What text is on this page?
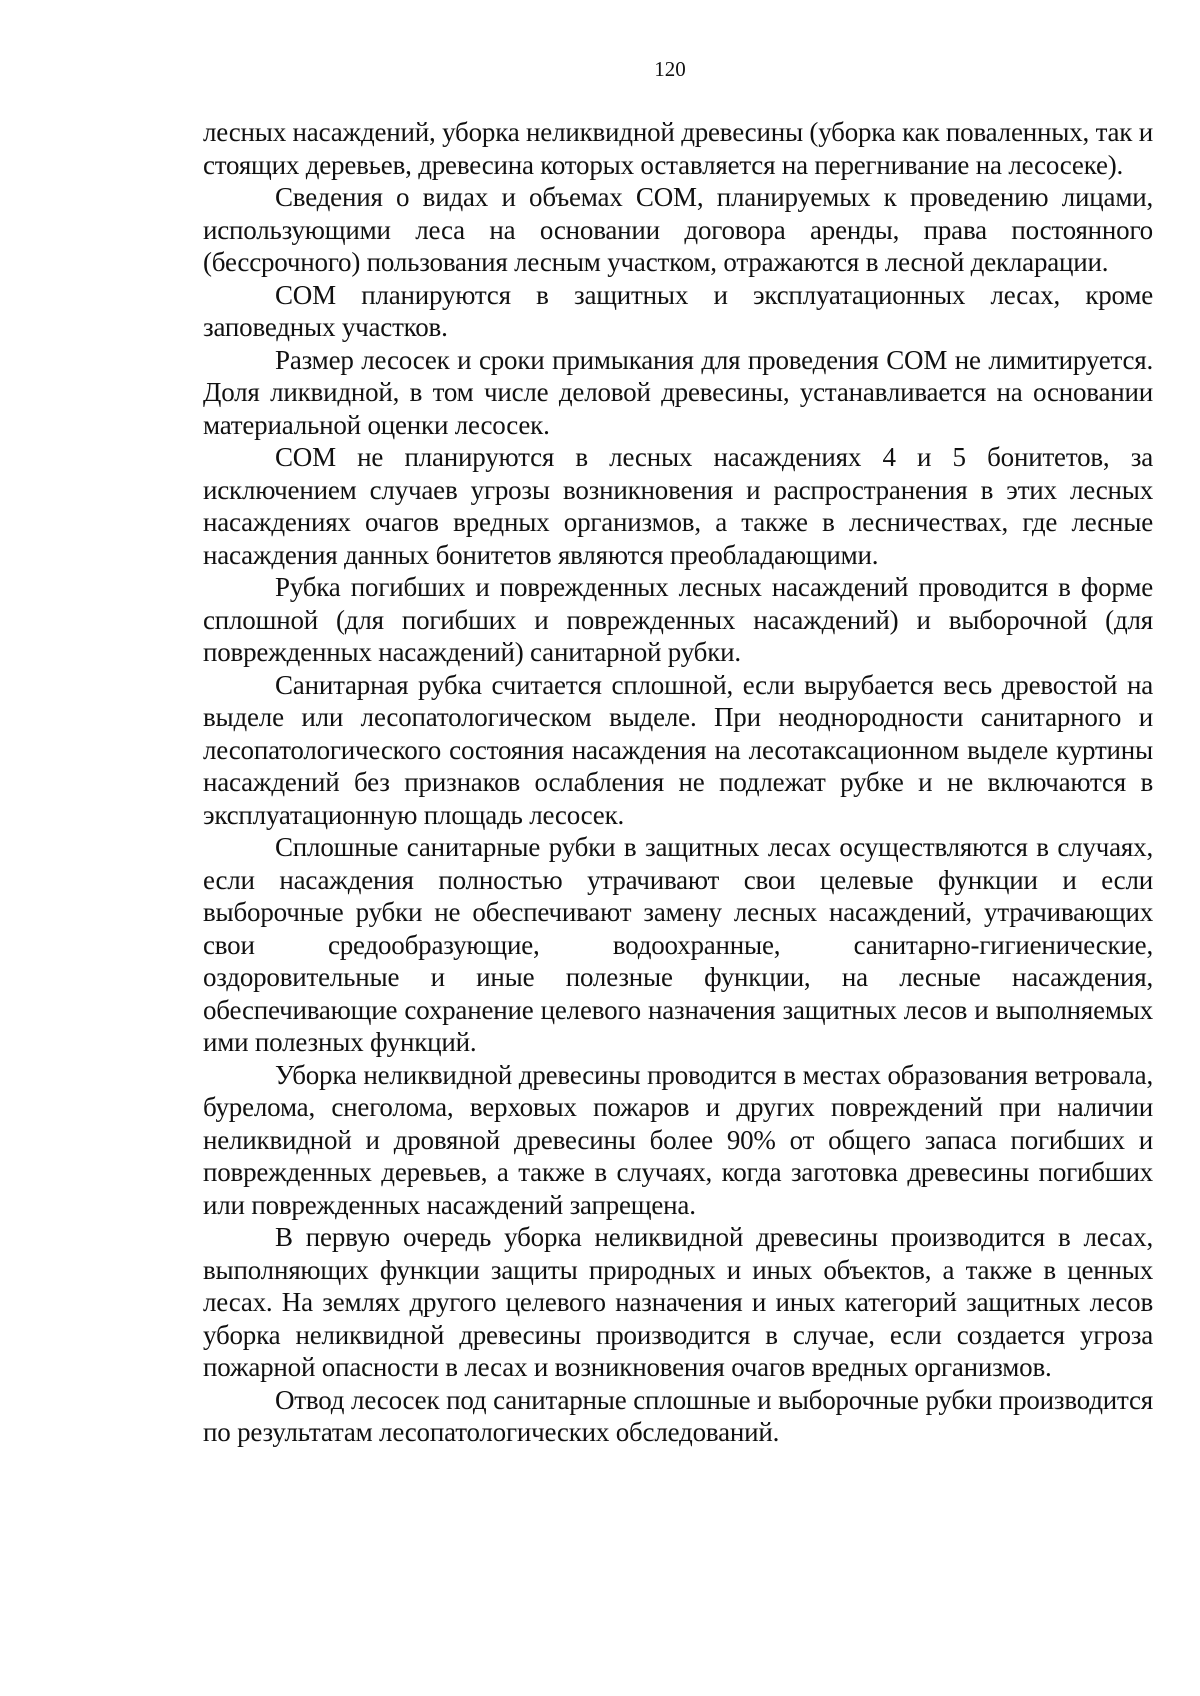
120

лесных насаждений, уборка неликвидной древесины (уборка как поваленных, так и стоящих деревьев, древесина которых оставляется на перегнивание на лесосеке).

Сведения о видах и объемах СОМ, планируемых к проведению лицами, использующими леса на основании договора аренды, права постоянного (бессрочного) пользования лесным участком, отражаются в лесной декларации.

СОМ планируются в защитных и эксплуатационных лесах, кроме заповедных участков.

Размер лесосек и сроки примыкания для проведения СОМ не лимитируется. Доля ликвидной, в том числе деловой древесины, устанавливается на основании материальной оценки лесосек.

СОМ не планируются в лесных насаждениях 4 и 5 бонитетов, за исключением случаев угрозы возникновения и распространения в этих лесных насаждениях очагов вредных организмов, а также в лесничествах, где лесные насаждения данных бонитетов являются преобладающими.

Рубка погибших и поврежденных лесных насаждений проводится в форме сплошной (для погибших и поврежденных насаждений) и выборочной (для поврежденных насаждений) санитарной рубки.

Санитарная рубка считается сплошной, если вырубается весь древостой на выделе или лесопатологическом выделе. При неоднородности санитарного и лесопатологического состояния насаждения на лесотаксационном выделе куртины насаждений без признаков ослабления не подлежат рубке и не включаются в эксплуатационную площадь лесосек.

Сплошные санитарные рубки в защитных лесах осуществляются в случаях, если насаждения полностью утрачивают свои целевые функции и если выборочные рубки не обеспечивают замену лесных насаждений, утрачивающих свои средообразующие, водоохранные, санитарно-гигиенические, оздоровительные и иные полезные функции, на лесные насаждения, обеспечивающие сохранение целевого назначения защитных лесов и выполняемых ими полезных функций.

Уборка неликвидной древесины проводится в местах образования ветровала, бурелома, снеголома, верховых пожаров и других повреждений при наличии неликвидной и дровяной древесины более 90% от общего запаса погибших и поврежденных деревьев, а также в случаях, когда заготовка древесины погибших или поврежденных насаждений запрещена.

В первую очередь уборка неликвидной древесины производится в лесах, выполняющих функции защиты природных и иных объектов, а также в ценных лесах. На землях другого целевого назначения и иных категорий защитных лесов уборка неликвидной древесины производится в случае, если создается угроза пожарной опасности в лесах и возникновения очагов вредных организмов.

Отвод лесосек под санитарные сплошные и выборочные рубки производится по результатам лесопатологических обследований.
